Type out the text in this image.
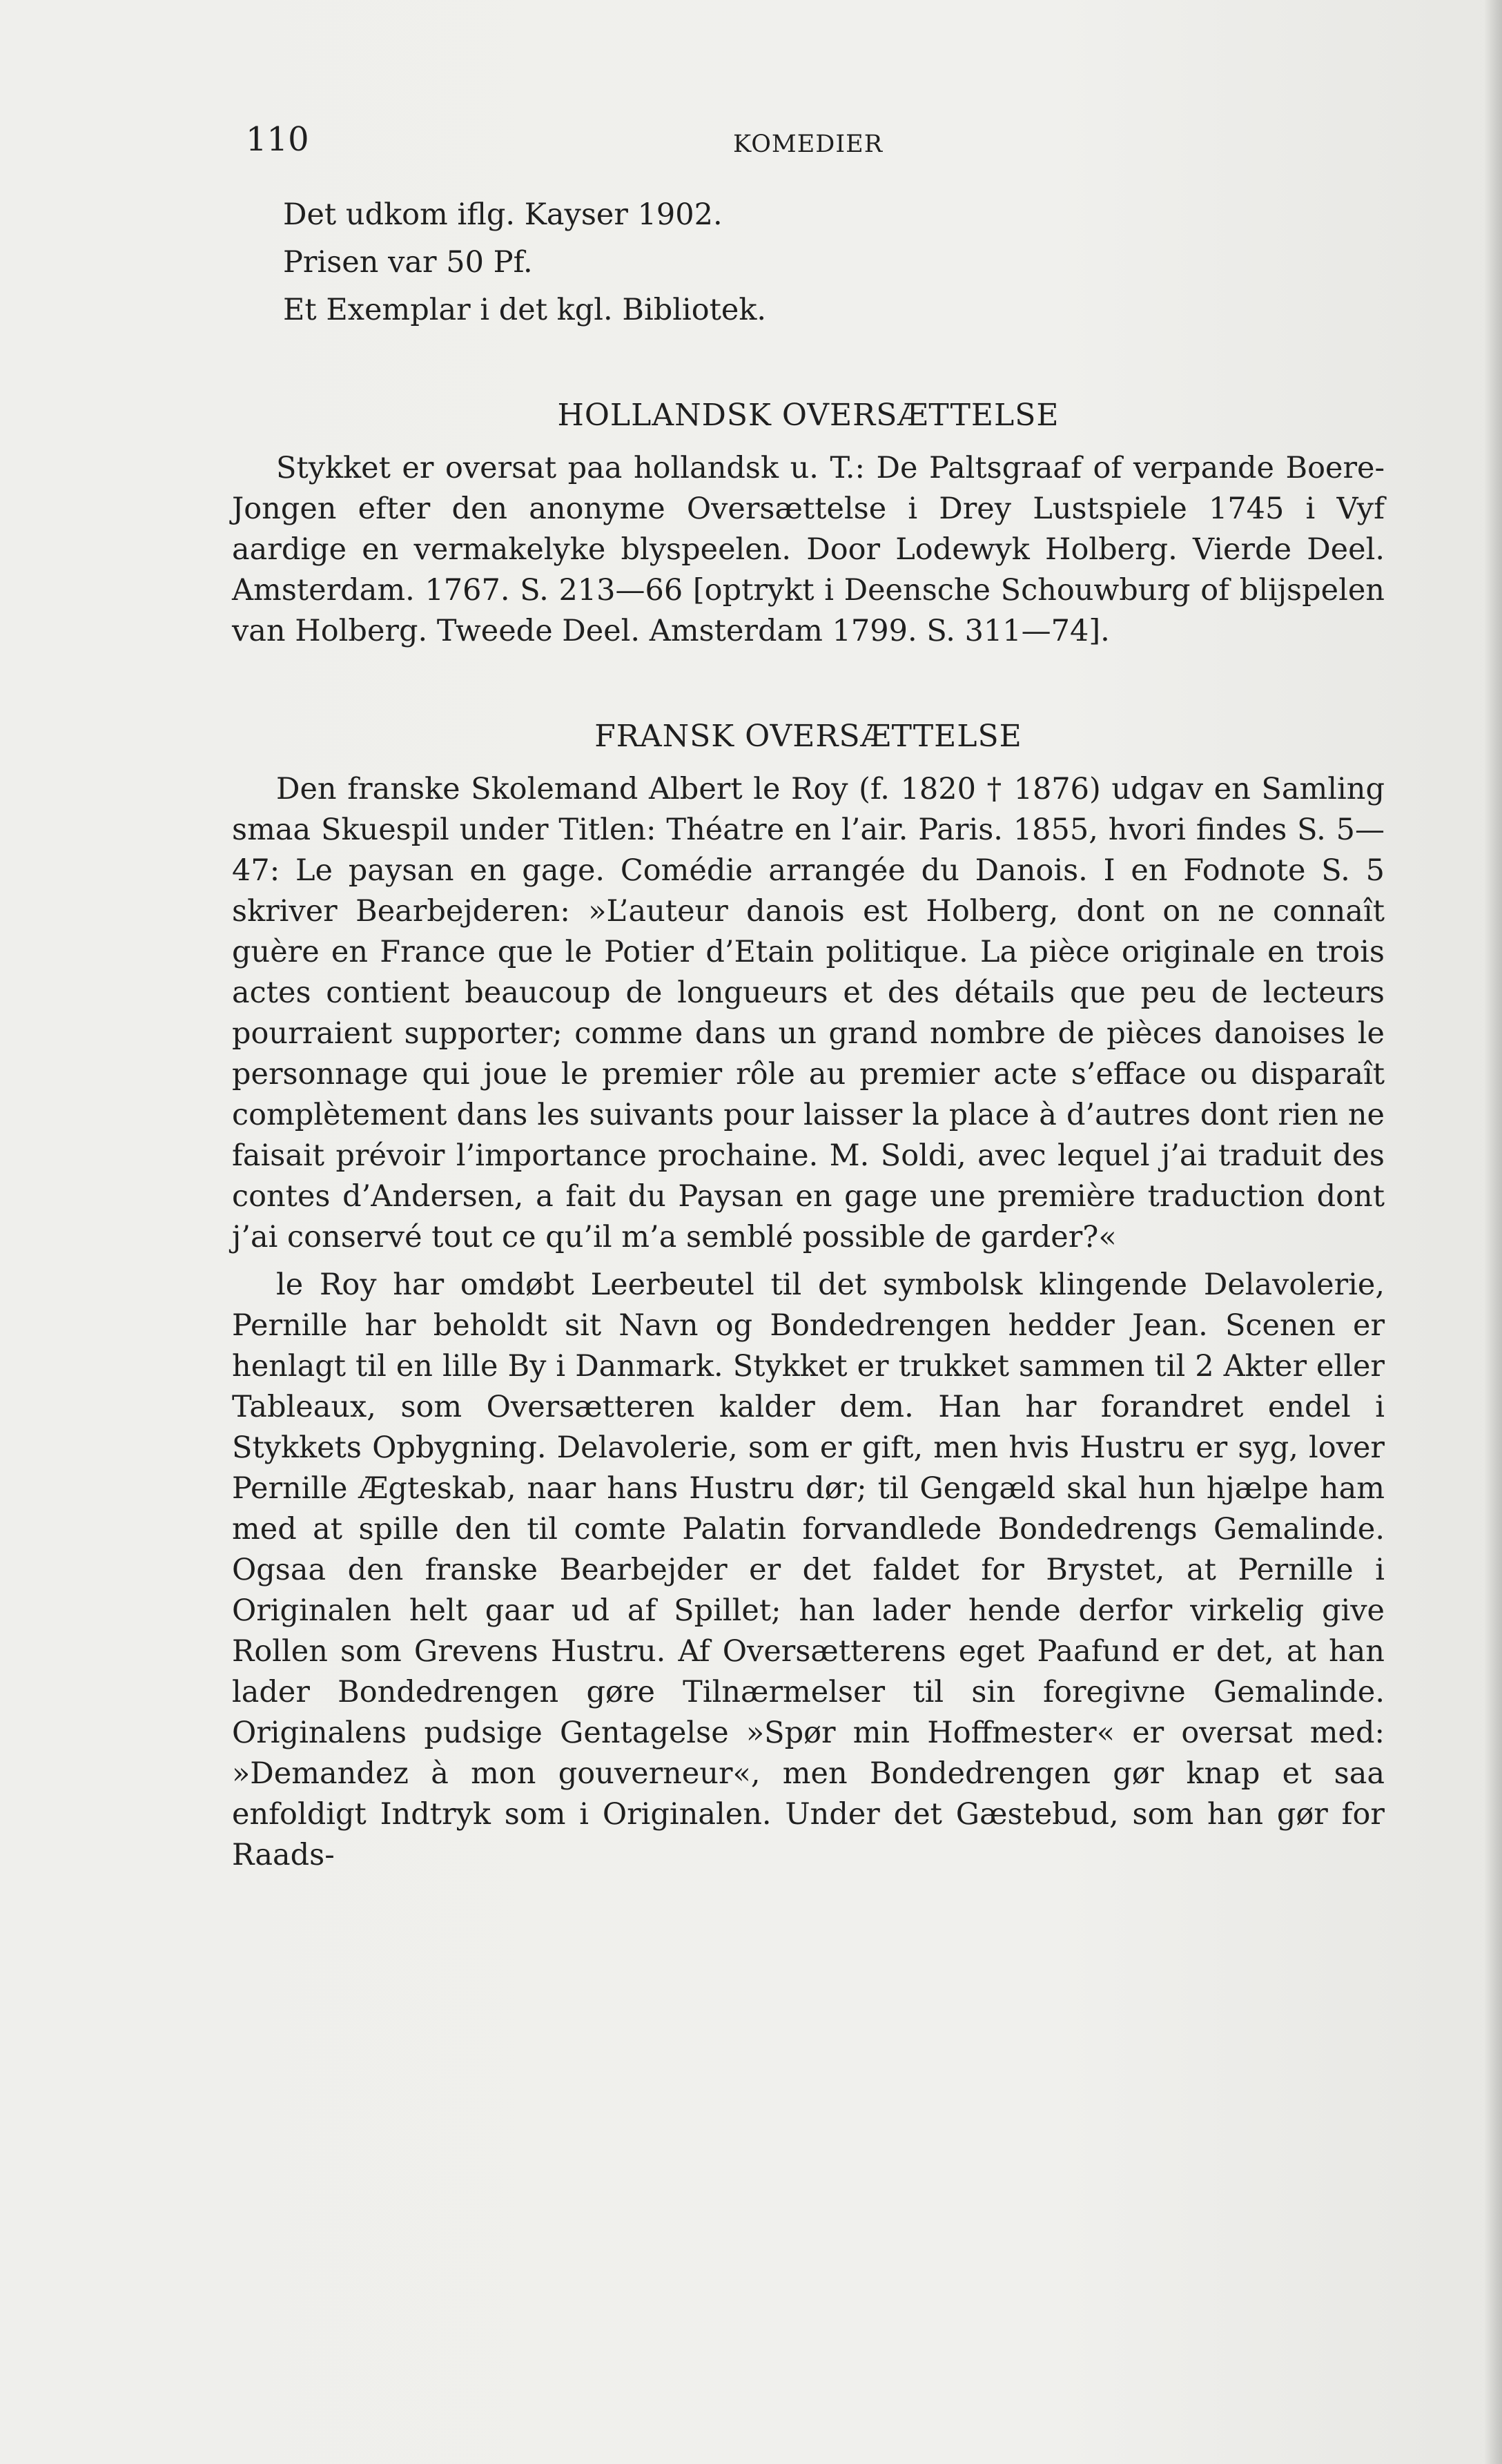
110	KOMEDIER

Det udkom iflg. Kayser 1902.
Prisen var 50 Pf.
Et Exemplar i det kgl. Bibliotek.

HOLLANDSK OVERSÆTTELSE

Stykket er oversat paa hollandsk u. T.: De Paltsgraaf of verpande Boere-Jongen efter den anonyme Oversættelse i Drey Lustspiele 1745 i Vyf aardige en vermakelyke blyspeelen. Door Lodewyk Holberg. Vierde Deel. Amsterdam. 1767. S. 213—66 [optrykt i Deensche Schouwburg of blijspelen van Holberg. Tweede Deel. Amsterdam 1799. S. 311—74].

FRANSK OVERSÆTTELSE

Den franske Skolemand Albert le Roy (f. 1820 † 1876) udgav en Samling smaa Skuespil under Titlen: Théatre en l’air. Paris. 1855, hvori findes S. 5—47: Le paysan en gage. Comédie arrangée du Danois. I en Fodnote S. 5 skriver Bearbejderen: »L’auteur danois est Holberg, dont on ne connaît guère en France que le Potier d’Etain politique. La pièce originale en trois actes contient beaucoup de longueurs et des détails que peu de lecteurs pourraient supporter; comme dans un grand nombre de pièces danoises le personnage qui joue le premier rôle au premier acte s’efface ou disparaît complètement dans les suivants pour laisser la place à d’autres dont rien ne faisait prévoir l’importance prochaine. M. Soldi, avec lequel j’ai traduit des contes d’Andersen, a fait du Paysan en gage une première traduction dont j’ai conservé tout ce qu’il m’a semblé possible de garder?«

le Roy har omdøbt Leerbeutel til det symbolsk klingende Delavolerie, Pernille har beholdt sit Navn og Bondedrengen hedder Jean. Scenen er henlagt til en lille By i Danmark. Stykket er trukket sammen til 2 Akter eller Tableaux, som Oversætteren kalder dem. Han har forandret endel i Stykkets Opbygning. Delavolerie, som er gift, men hvis Hustru er syg, lover Pernille Ægteskab, naar hans Hustru dør; til Gengæld skal hun hjælpe ham med at spille den til comte Palatin forvandlede Bondedrengs Gemalinde. Ogsaa den franske Bearbejder er det faldet for Brystet, at Pernille i Originalen helt gaar ud af Spillet; han lader hende derfor virkelig give Rollen som Grevens Hustru. Af Oversætterens eget Paafund er det, at han lader Bondedrengen gøre Tilnærmelser til sin foregivne Gemalinde. Originalens pudsige Gentagelse »Spør min Hoffmester« er oversat med: »Demandez à mon gouverneur«, men Bondedrengen gør knap et saa enfoldigt Indtryk som i Originalen. Under det Gæstebud, som han gør for Raads-
